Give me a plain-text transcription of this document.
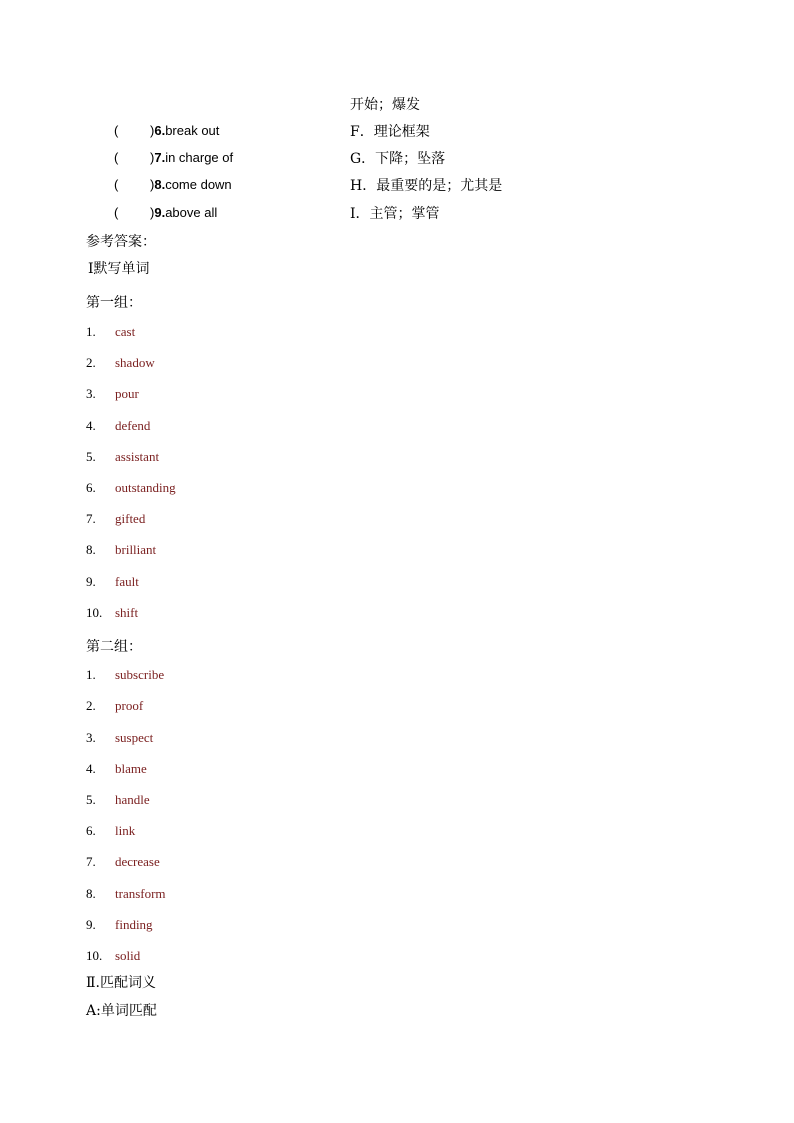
开始；爆发
( )6.break out	F．理论框架
( )7.in charge of	G．下降；坠落
( )8.come down	H．最重要的是；尤其是
( )9.above all	I．主管；掌管
参考答案：
Ⅰ默写单词
第一组：
1. cast
2. shadow
3. pour
4. defend
5. assistant
6. outstanding
7. gifted
8. brilliant
9. fault
10. shift
第二组：
1. subscribe
2. proof
3. suspect
4. blame
5. handle
6. link
7. decrease
8. transform
9. finding
10. solid
Ⅱ.匹配词义
A:单词匹配
